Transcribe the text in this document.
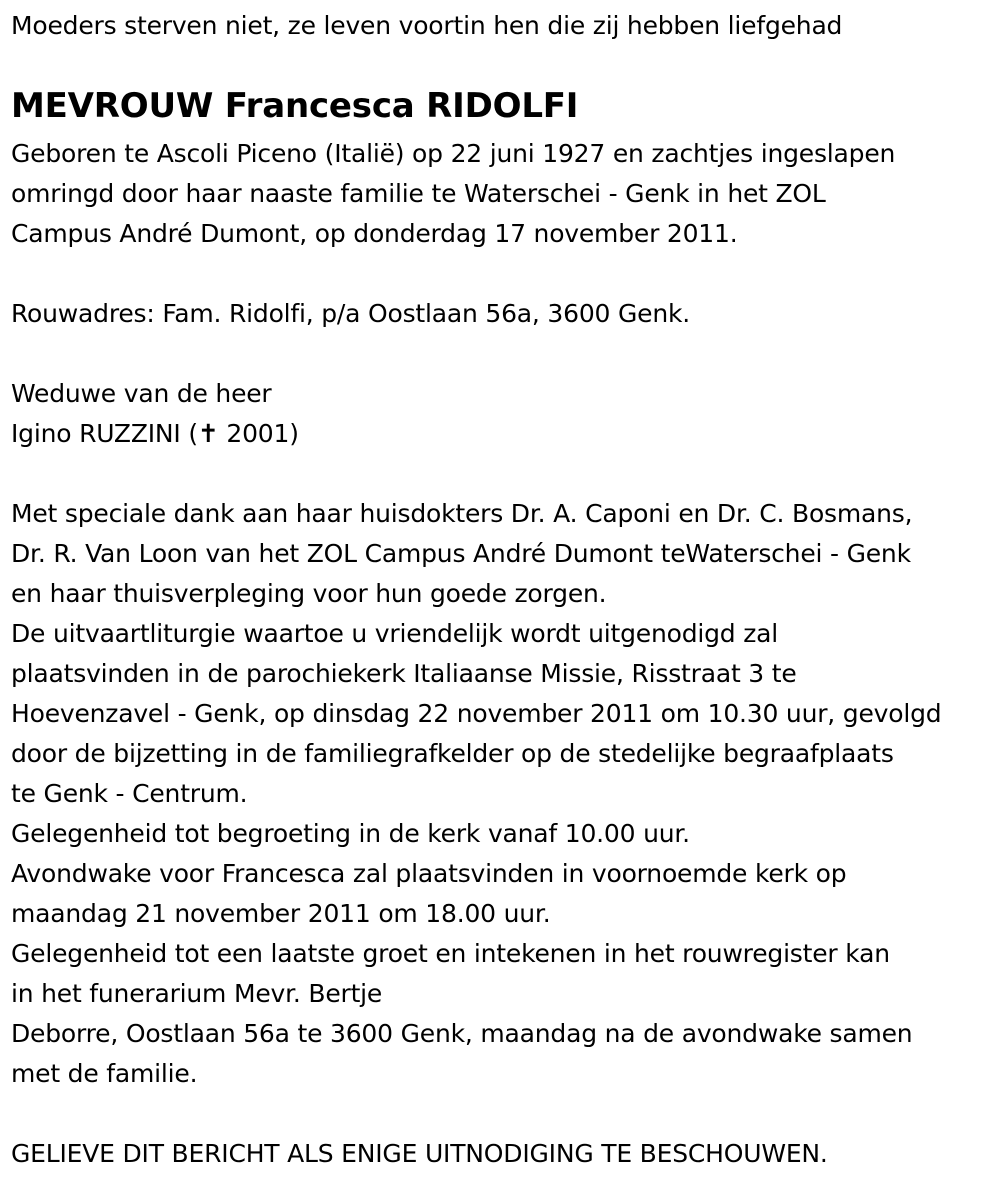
Moeders sterven niet, ze leven voortin hen die zij hebben liefgehad
MEVROUW Francesca RIDOLFI
Geboren te Ascoli Piceno (Italië) op 22 juni 1927 en zachtjes ingeslapen
omringd door haar naaste familie te Waterschei - Genk in het ZOL
Campus André Dumont, op donderdag 17 november 2011.
Rouwadres: Fam. Ridolfi, p/a Oostlaan 56a, 3600 Genk.
Weduwe van de heer
Igino RUZZINI (✝ 2001)
Met speciale dank aan haar huisdokters Dr. A. Caponi en Dr. C. Bosmans,
Dr. R. Van Loon van het ZOL Campus André Dumont teWaterschei - Genk
en haar thuisverpleging voor hun goede zorgen.
De uitvaartliturgie waartoe u vriendelijk wordt uitgenodigd zal
plaatsvinden in de parochiekerk Italiaanse Missie, Risstraat 3 te
Hoevenzavel - Genk, op dinsdag 22 november 2011 om 10.30 uur, gevolgd
door de bijzetting in de familiegrafkelder op de stedelijke begraafplaats
te Genk - Centrum.
Gelegenheid tot begroeting in de kerk vanaf 10.00 uur.
Avondwake voor Francesca zal plaatsvinden in voornoemde kerk op
maandag 21 november 2011 om 18.00 uur.
Gelegenheid tot een laatste groet en intekenen in het rouwregister kan
in het funerarium Mevr. Bertje
Deborre, Oostlaan 56a te 3600 Genk, maandag na de avondwake samen
met de familie.
GELIEVE DIT BERICHT ALS ENIGE UITNODIGING TE BESCHOUWEN.
